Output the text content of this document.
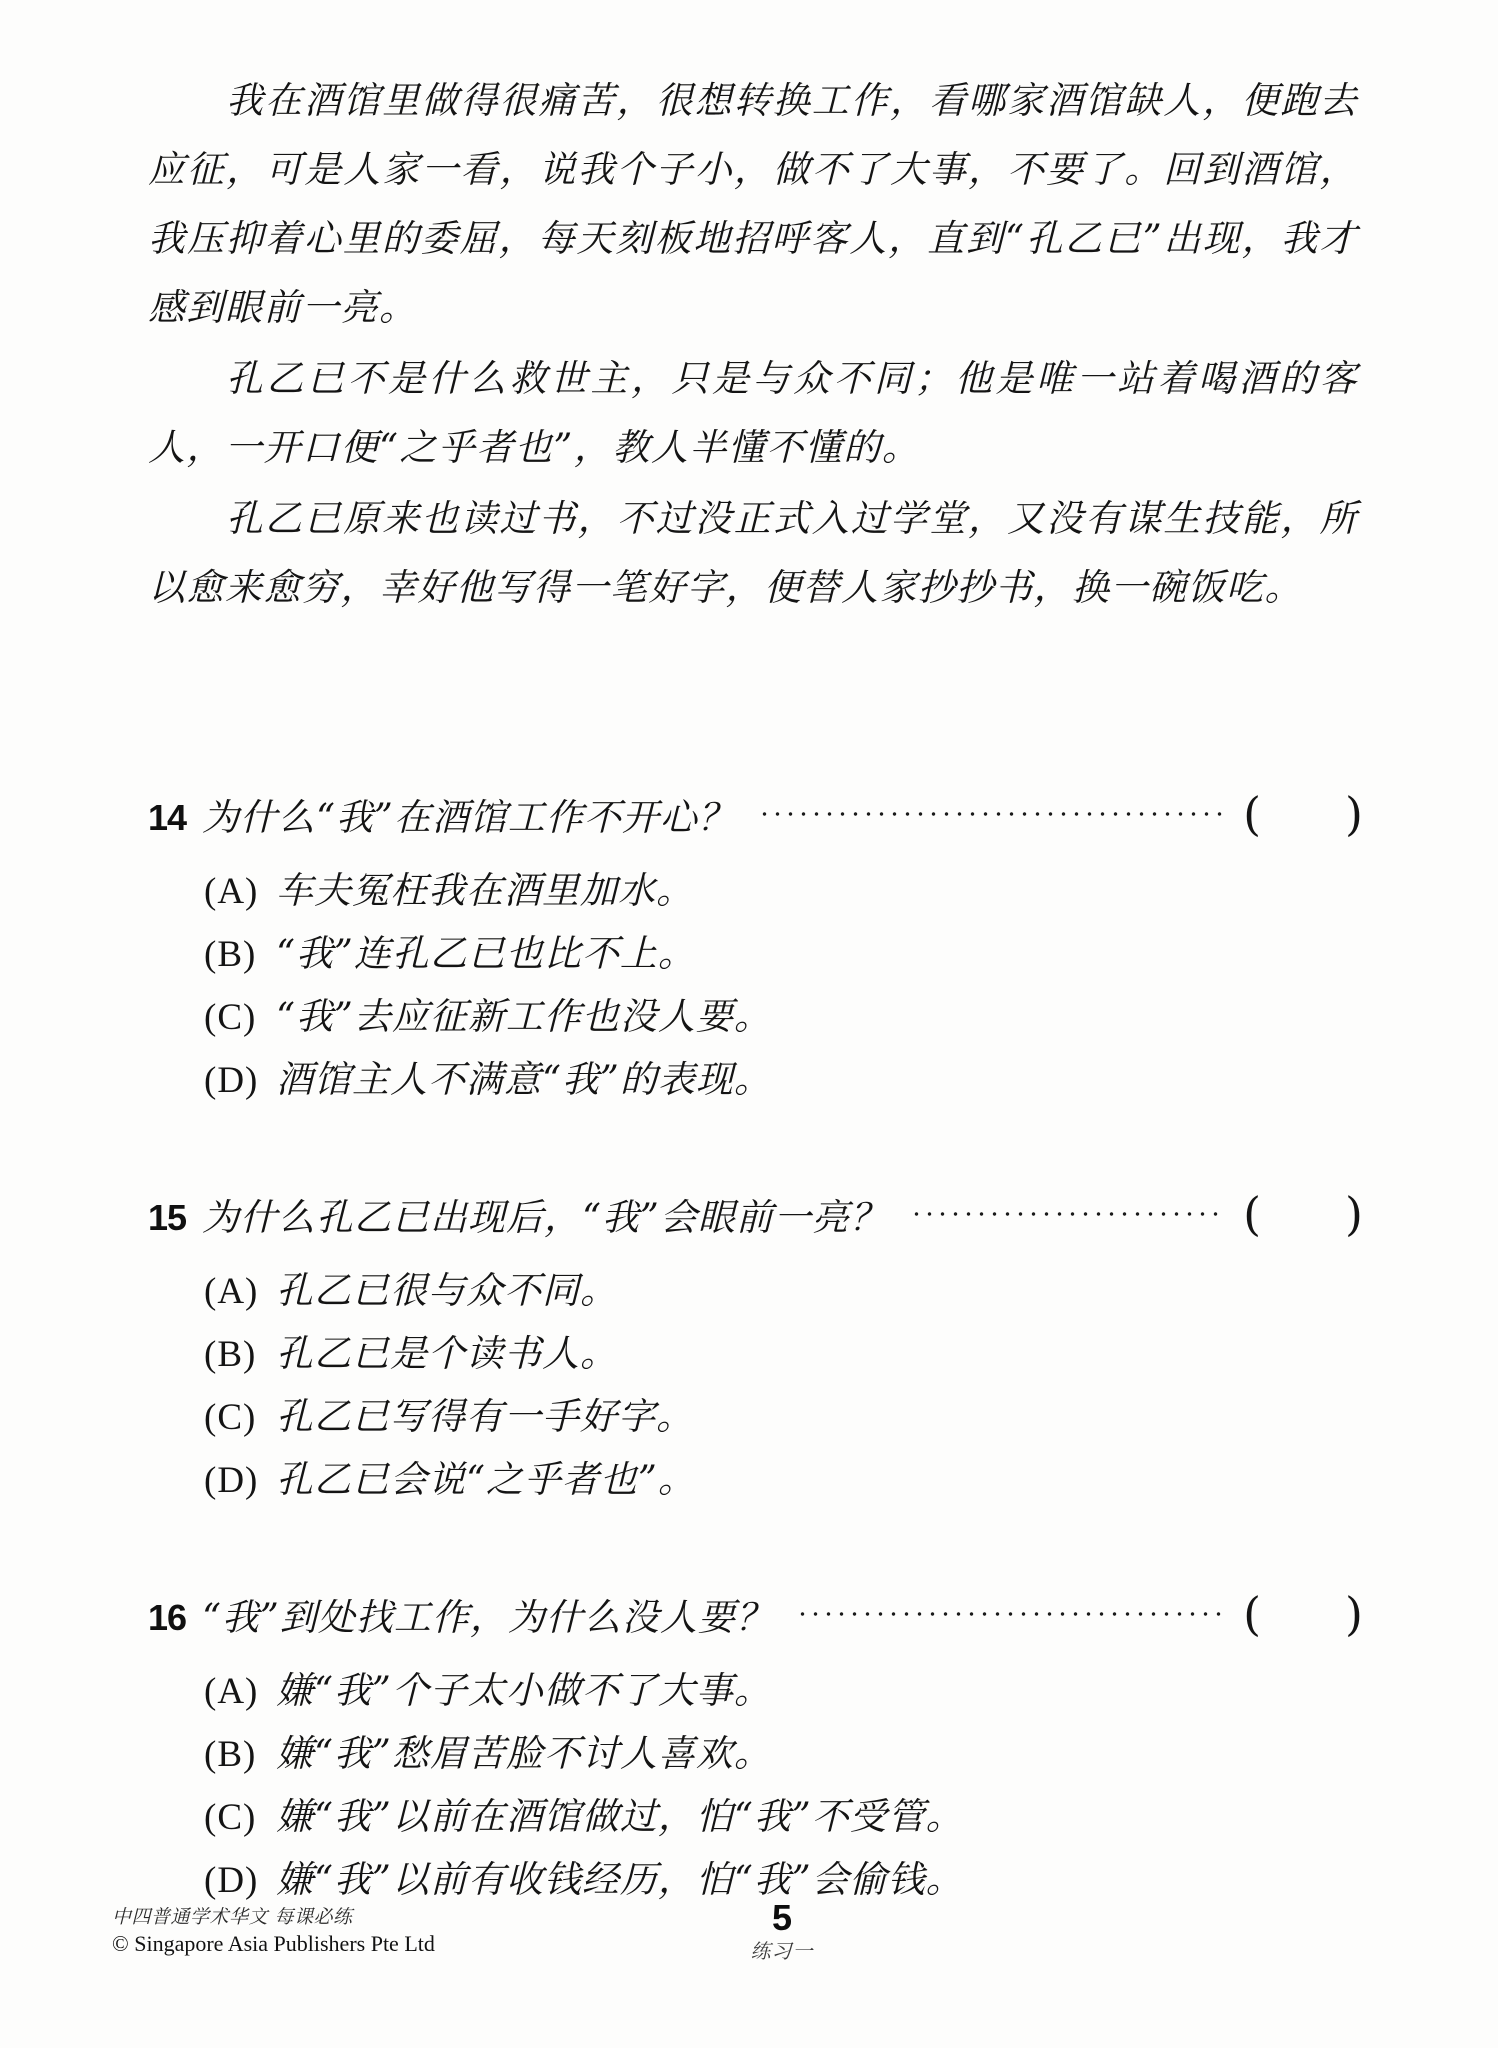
我在酒馆里做得很痛苦，很想转换工作，看哪家酒馆缺人，便跑去应征，可是人家一看，说我个子小，做不了大事，不要了。回到酒馆，我压抑着心里的委屈，每天刻板地招呼客人，直到“孔乙已”出现，我才感到眼前一亮。

孔乙已不是什么救世主，只是与众不同；他是唯一站着喝酒的客人，一开口便“之乎者也”，教人半懂不懂的。

孔乙已原来也读过书，不过没正式入过学堂，又没有谋生技能，所以愈来愈穷，幸好他写得一笔好字，便替人家抄抄书，换一碗饭吃。

14 为什么“我”在酒馆工作不开心？	( )
(A) 车夫冤枉我在酒里加水。
(B) “我”连孔乙已也比不上。
(C) “我”去应征新工作也没人要。
(D) 酒馆主人不满意“我”的表现。
15 为什么孔乙已出现后，“我”会眼前一亮？	( )
(A) 孔乙已很与众不同。
(B) 孔乙已是个读书人。
(C) 孔乙已写得有一手好字。
(D) 孔乙已会说“之乎者也”。
16 “我”到处找工作，为什么没人要？	( )
(A) 嫌“我”个子太小做不了大事。
(B) 嫌“我”愁眉苦脸不讨人喜欢。
(C) 嫌“我”以前在酒馆做过，怕“我”不受管。
(D) 嫌“我”以前有收钱经历，怕“我”会偷钱。
中四普通学术华文 每课必练
© Singapore Asia Publishers Pte Ltd
5
练习一
